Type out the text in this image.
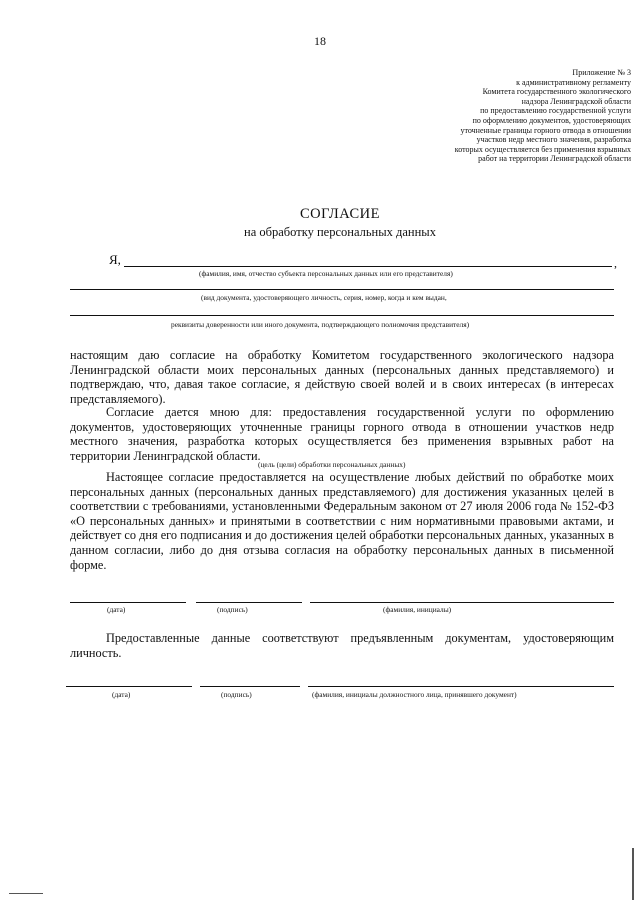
18
Приложение № 3
к административному регламенту
Комитета государственного экологического
надзора Ленинградской области
по предоставлению государственной услуги
по оформлению документов, удостоверяющих
уточненные границы горного отвода в отношении
участков недр местного значения, разработка
которых осуществляется без применения взрывных
работ на территории Ленинградской области
СОГЛАСИЕ
на обработку персональных данных
Я,	,
(фамилия, имя, отчество субъекта персональных данных или его представителя)
(вид документа, удостоверяющего личность, серия, номер, когда и кем выдан,
реквизиты доверенности или иного документа, подтверждающего полномочия представителя)
настоящим даю согласие на обработку Комитетом государственного экологического надзора Ленинградской области моих персональных данных (персональных данных представляемого) и подтверждаю, что, давая такое согласие, я действую своей волей и в своих интересах (в интересах представляемого).
Согласие дается мною для: предоставления государственной услуги по оформлению документов, удостоверяющих уточненные границы горного отвода в отношении участков недр местного значения, разработка которых осуществляется без применения взрывных работ на территории Ленинградской области.
(цель (цели) обработки персональных данных)
Настоящее согласие предоставляется на осуществление любых действий по обработке моих персональных данных (персональных данных представляемого) для достижения указанных целей в соответствии с требованиями, установленными Федеральным законом от 27 июля 2006 года № 152-ФЗ «О персональных данных» и принятыми в соответствии с ним нормативными правовыми актами, и действует со дня его подписания и до достижения целей обработки персональных данных, указанных в данном согласии, либо до дня отзыва согласия на обработку персональных данных в письменной форме.
(дата)	(подпись)	(фамилия, инициалы)
Предоставленные данные соответствуют предъявленным документам, удостоверяющим личность.
(дата)	(подпись)	(фамилия, инициалы должностного лица, принявшего документ)
